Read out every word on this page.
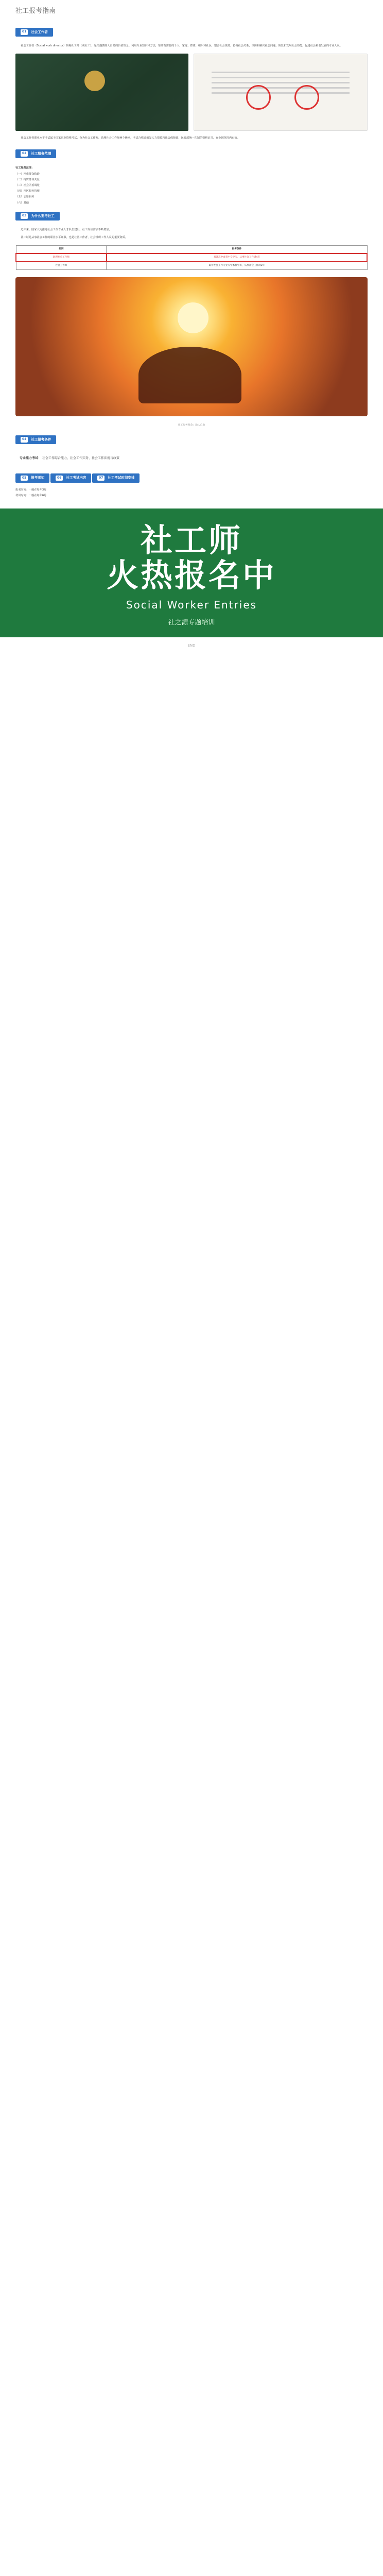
社工报考指南
01	社会工作者

社会工作者（Social work director）简称社工师（或社工），是指遵循助人自助的价值理念，利用专业知识和方法，帮助有需要的个人、家庭、群体、组织和社区，整合社会资源，协调社会关系，预防和解决社会问题，恢复和发展社会功能，促进社会和谐发展的专业人员。

社会工作者职业水平考试属于国家职业资格考试，分为社会工作师、助理社会工作师两个级别，考试合格者颁发人力资源和社会保障部、民政部统一印制的资格证书，在全国范围内有效。

02	社工服务范围
社工服务范围：
（一）困难群众救助
（二）特殊群体关爱
（三）社会矛盾调处
（四）社区服务管理
（五）志愿服务
（六）其他
03	为什么要考社工

近年来，国家大力推进社会工作专业人才队伍建设，社工岗位需求不断增加。

社工证是从事社会工作的职业水平证书，也是社区工作者、社会组织工作人员的重要资质。

级别	报考条件
助理社会工作师	具备高中或者中专学历，从事社会工作满4年
社会工作师	取得社会工作专业大学本科学历，从事社会工作满2年
社工服务理念：助人自助
04	社工报考条件
专业能力考试： 社会工作综合能力、社会工作实务、社会工作法规与政策
05	报考须知
	06	社工考试内容
	07	社工考试时间安排
报名时间：一般在每年3月
考试时间：一般在每年6月
社工师
火热报名中
Social Worker Entries
社之源专题培训
END
